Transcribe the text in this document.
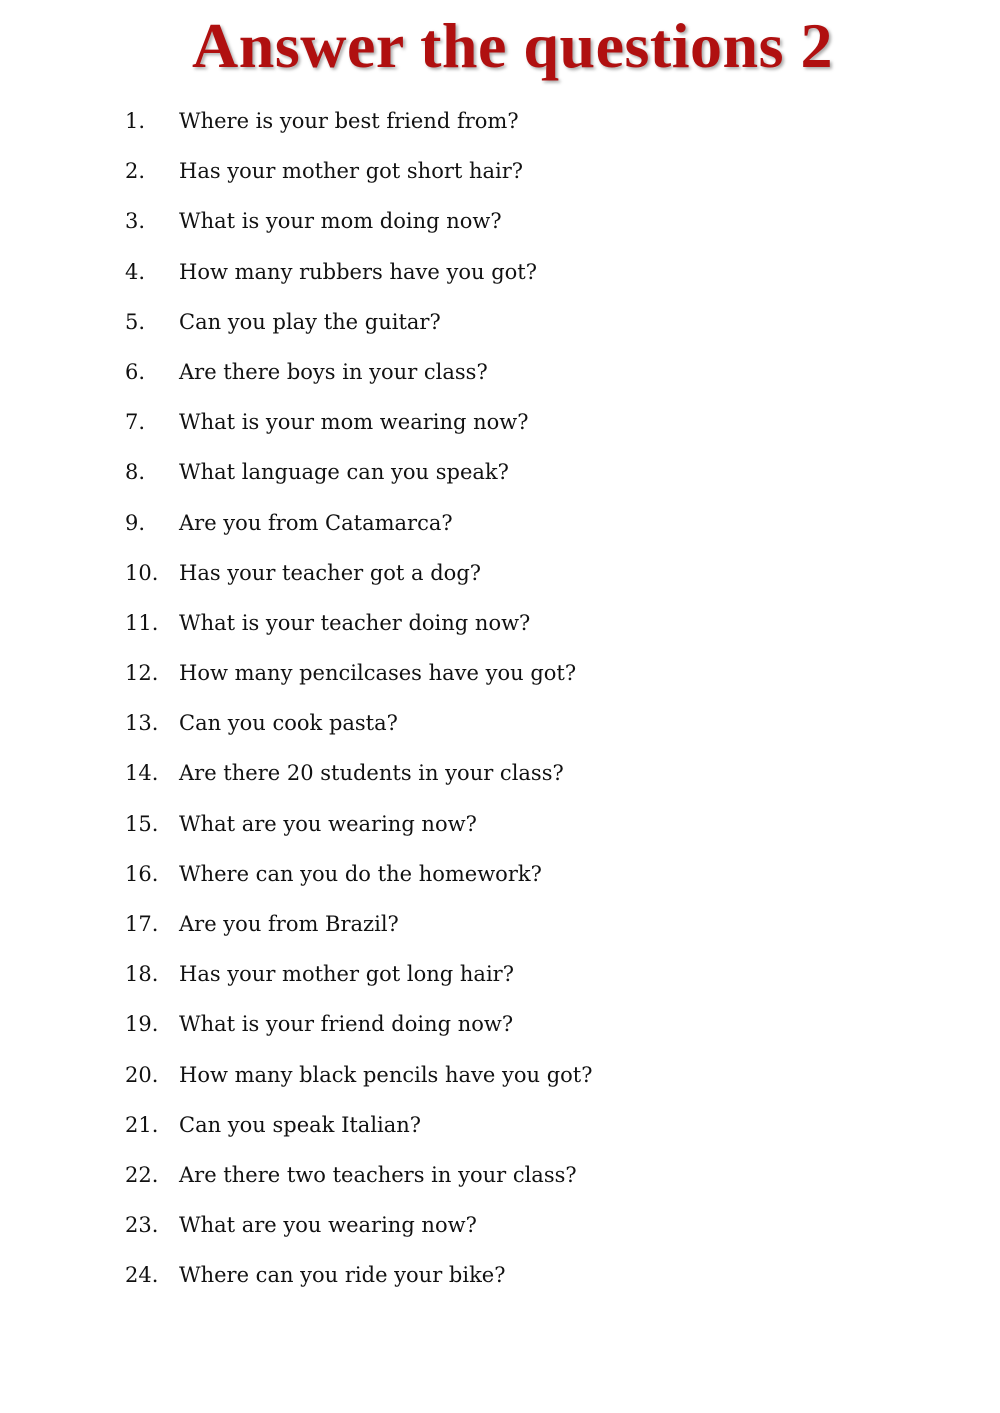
Answer the questions 2
1. Where is your best friend from?
2. Has your mother got short hair?
3. What is your mom doing now?
4. How many rubbers have you got?
5. Can you play the guitar?
6. Are there boys in your class?
7. What is your mom wearing now?
8. What language can you speak?
9. Are you from Catamarca?
10. Has your teacher got a dog?
11. What is your teacher doing now?
12. How many pencilcases have you got?
13. Can you cook pasta?
14. Are there 20 students in your class?
15. What are you wearing now?
16. Where can you do the homework?
17. Are you from Brazil?
18. Has your mother got long hair?
19. What is your friend doing now?
20. How many black pencils have you got?
21. Can you speak Italian?
22. Are there two teachers in your class?
23. What are you wearing now?
24. Where can you ride your bike?
